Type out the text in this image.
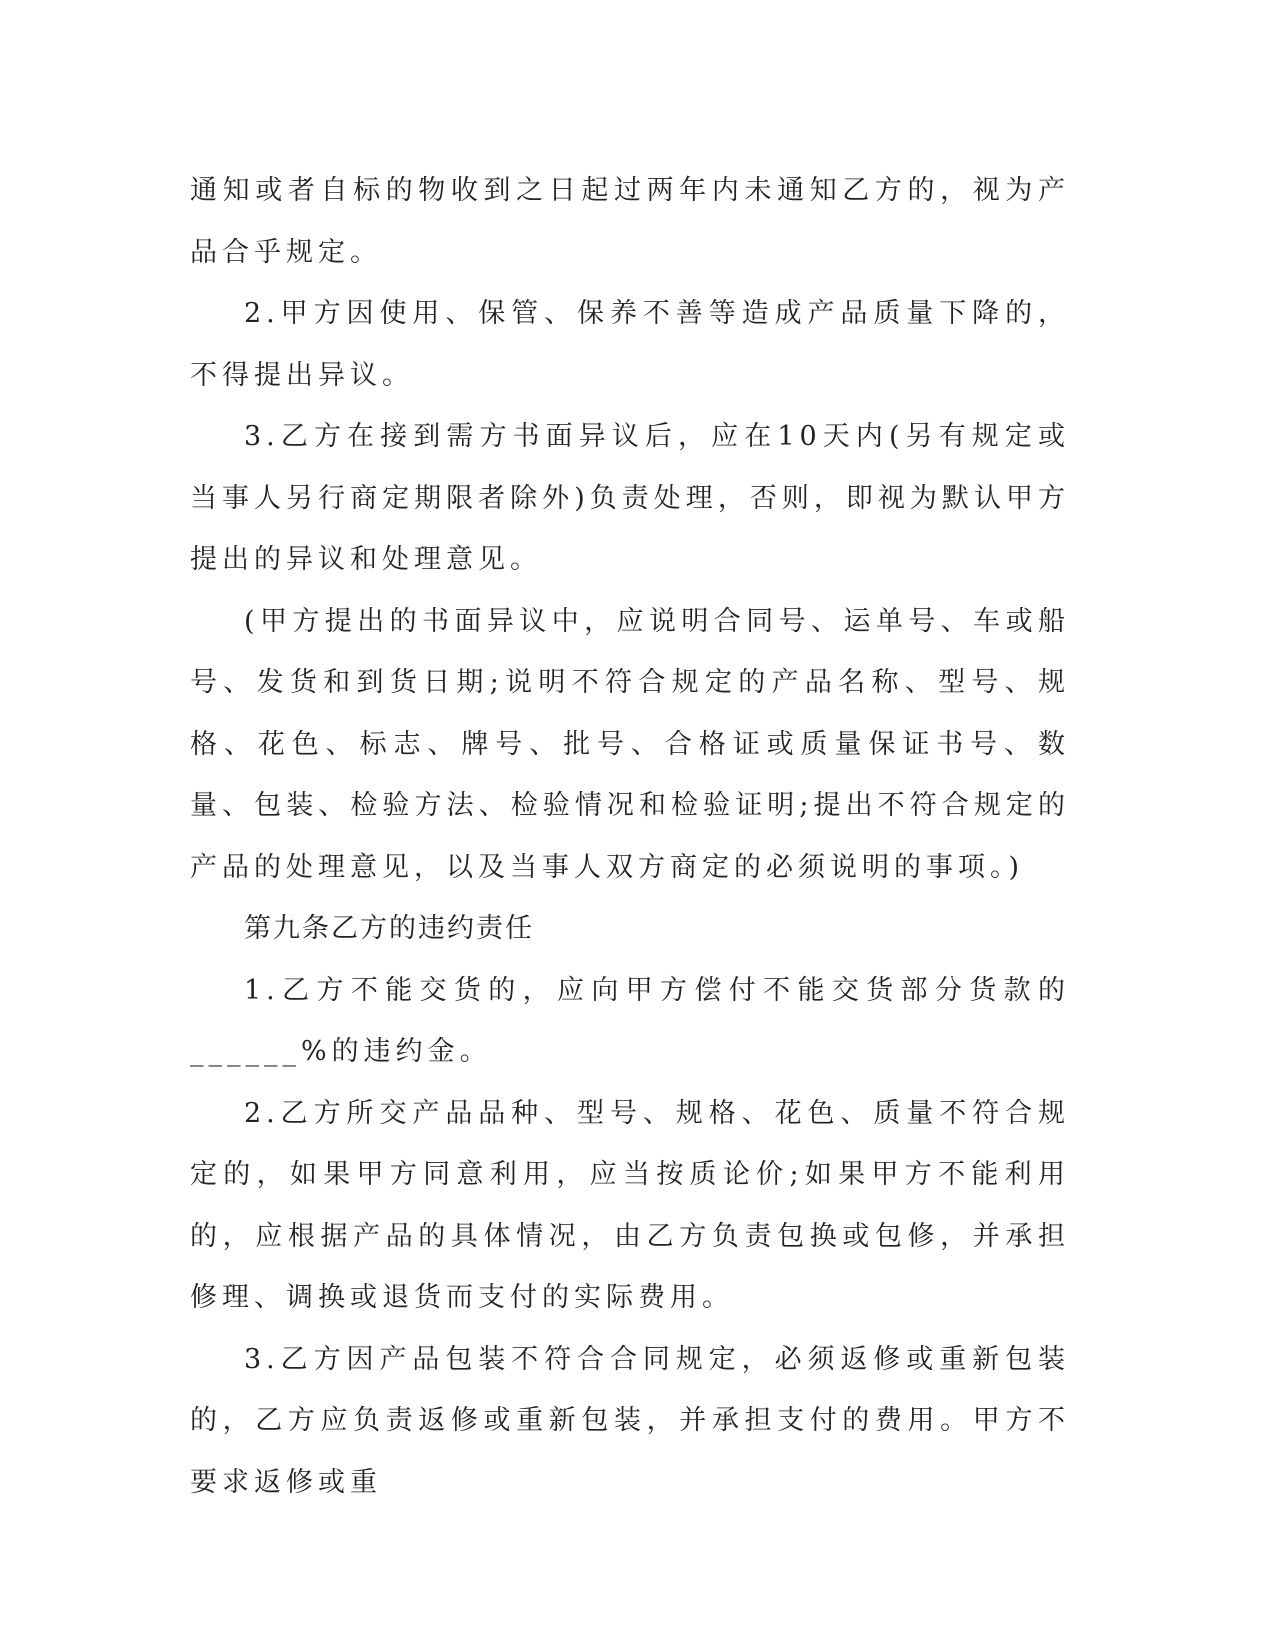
通知或者自标的物收到之日起过两年内未通知乙方的，视为产品合乎规定。

2.甲方因使用、保管、保养不善等造成产品质量下降的，不得提出异议。

3.乙方在接到需方书面异议后，应在10天内(另有规定或当事人另行商定期限者除外)负责处理，否则，即视为默认甲方提出的异议和处理意见。

(甲方提出的书面异议中，应说明合同号、运单号、车或船号、发货和到货日期;说明不符合规定的产品名称、型号、规格、花色、标志、牌号、批号、合格证或质量保证书号、数量、包装、检验方法、检验情况和检验证明;提出不符合规定的产品的处理意见，以及当事人双方商定的必须说明的事项。)

第九条乙方的违约责任

1.乙方不能交货的，应向甲方偿付不能交货部分货款的______%的违约金。

2.乙方所交产品品种、型号、规格、花色、质量不符合规定的，如果甲方同意利用，应当按质论价;如果甲方不能利用的，应根据产品的具体情况，由乙方负责包换或包修，并承担修理、调换或退货而支付的实际费用。

3.乙方因产品包装不符合合同规定，必须返修或重新包装的，乙方应负责返修或重新包装，并承担支付的费用。甲方不要求返修或重
